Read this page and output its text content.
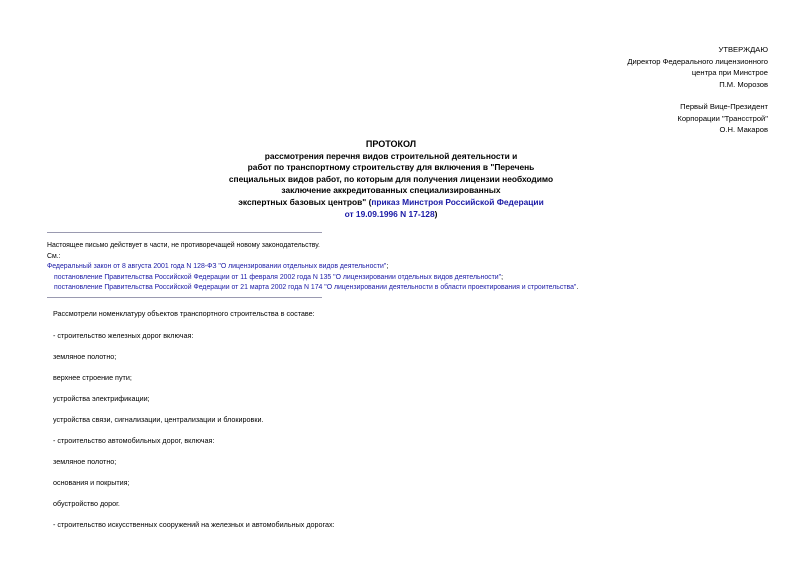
УТВЕРЖДАЮ
Директор Федерального лицензионного
центра при Минстрое
П.М. Морозов
Первый Вице-Президент
Корпорации "Трансстрой"
О.Н. Макаров
ПРОТОКОЛ
рассмотрения перечня видов строительной деятельности и
работ по транспортному строительству для включения в "Перечень
специальных видов работ, по которым для получения лицензии необходимо
заключение аккредитованных специализированных
экспертных базовых центров" (приказ Минстроя Российской Федерации
от 19.09.1996 N 17-128)
Настоящее письмо действует в части, не противоречащей новому законодательству.
См.:
Федеральный закон от 8 августа 2001 года N 128-ФЗ "О лицензировании отдельных видов деятельности";
постановление Правительства Российской Федерации от 11 февраля 2002 года N 135 "О лицензировании отдельных видов деятельности";
постановление Правительства Российской Федерации от 21 марта 2002 года N 174 "О лицензировании деятельности в области проектирования и строительства".
Рассмотрели номенклатуру объектов транспортного строительства в составе:
- строительство железных дорог включая:
земляное полотно;
верхнее строение пути;
устройства электрификации;
устройства связи, сигнализации, централизации и блокировки.
- строительство автомобильных дорог, включая:
земляное полотно;
основания и покрытия;
обустройство дорог.
- строительство искусственных сооружений на железных и автомобильных дорогах:
